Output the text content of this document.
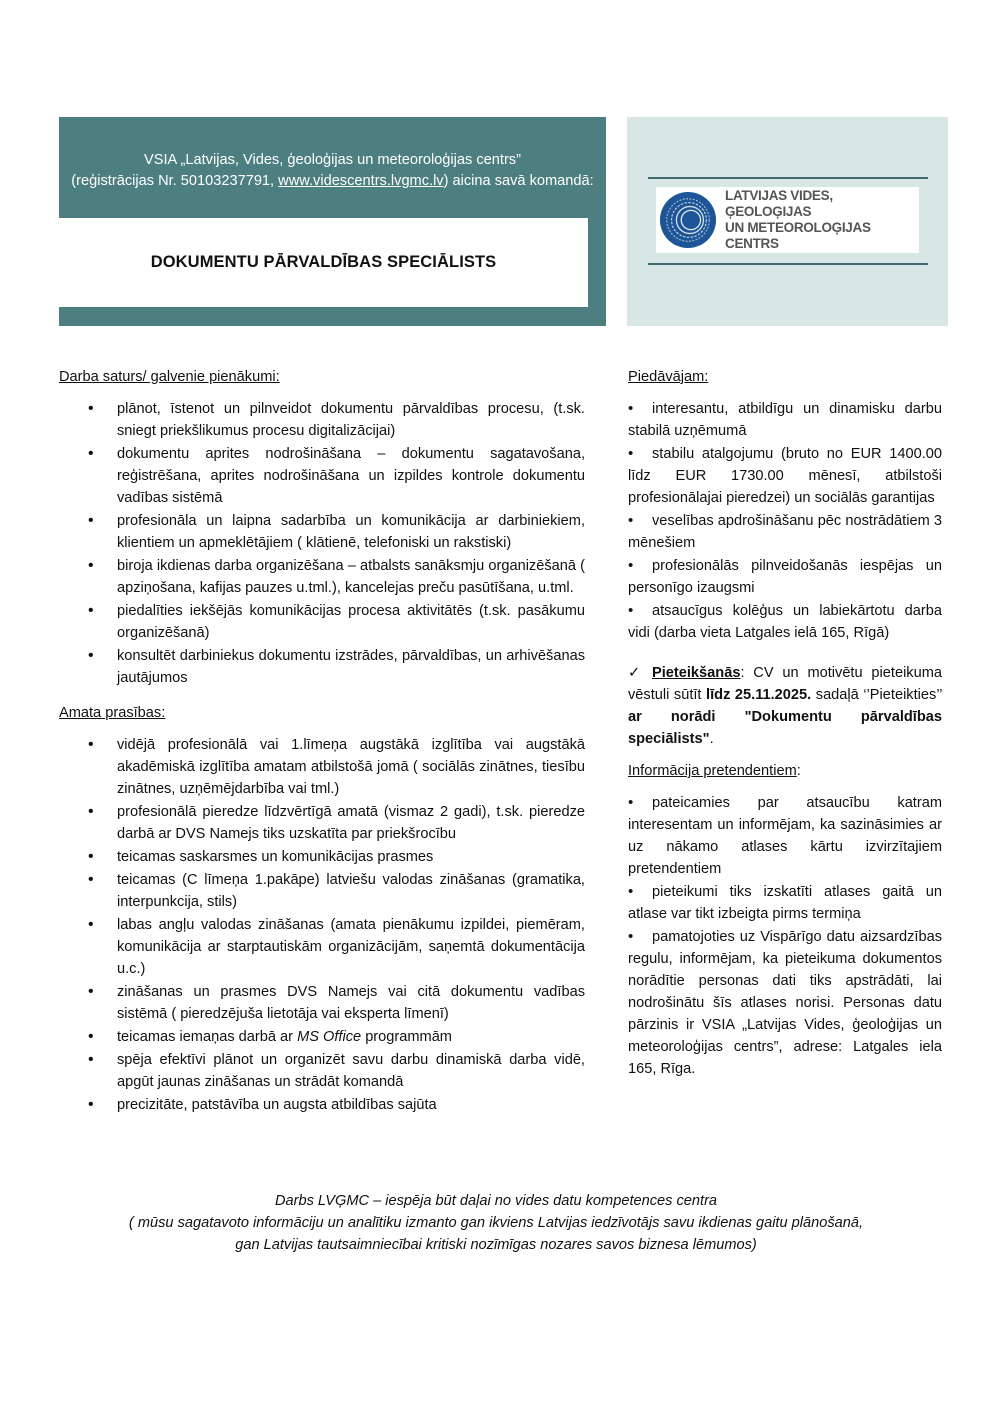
VSIA „Latvijas, Vides, ģeoloģijas un meteoroloģijas centrs”
(reģistrācijas Nr. 50103237791, www.videscentrs.lvgmc.lv) aicina savā komandā:
DOKUMENTU PĀRVALDĪBAS SPECIĀLISTS
LATVIJAS VIDES, ĢEOLOĢIJAS
UN METEOROLOĢIJAS CENTRS

Darba saturs/ galvenie pienākumi:

• plānot, īstenot un pilnveidot dokumentu pārvaldības procesu, (t.sk. sniegt priekšlikumus procesu digitalizācijai)
• dokumentu aprites nodrošināšana – dokumentu sagatavošana, reģistrēšana, aprites nodrošināšana un izpildes kontrole dokumentu vadības sistēmā
• profesionāla un laipna sadarbība un komunikācija ar darbiniekiem, klientiem un apmeklētājiem ( klātienē, telefoniski un rakstiski)
• biroja ikdienas darba organizēšana – atbalsts sanāksmju organizēšanā ( apziņošana, kafijas pauzes u.tml.), kancelejas preču pasūtīšana, u.tml.
• piedalīties iekšējās komunikācijas procesa aktivitātēs (t.sk. pasākumu organizēšanā)
• konsultēt darbiniekus dokumentu izstrādes, pārvaldības, un arhivēšanas jautājumos

Amata prasības:

• vidējā profesionālā vai 1.līmeņa augstākā izglītība vai augstākā akadēmiskā izglītība amatam atbilstošā jomā ( sociālās zinātnes, tiesību zinātnes, uzņēmējdarbība vai tml.)
• profesionālā pieredze līdzvērtīgā amatā (vismaz 2 gadi), t.sk. pieredze darbā ar DVS Namejs tiks uzskatīta par priekšrocību
• teicamas saskarsmes un komunikācijas prasmes
• teicamas (C līmeņa 1.pakāpe) latviešu valodas zināšanas (gramatika, interpunkcija, stils)
• labas angļu valodas zināšanas (amata pienākumu izpildei, piemēram, komunikācija ar starptautiskām organizācijām, saņemtā dokumentācija u.c.)
• zināšanas un prasmes DVS Namejs vai citā dokumentu vadības sistēmā ( pieredzējuša lietotāja vai eksperta līmenī)
• teicamas iemaņas darbā ar MS Office programmām
• spēja efektīvi plānot un organizēt savu darbu dinamiskā darba vidē, apgūt jaunas zināšanas un strādāt komandā
• precizitāte, patstāvība un augsta atbildības sajūta

Piedāvājam:

• interesantu, atbildīgu un dinamisku darbu stabilā uzņēmumā
• stabilu atalgojumu (bruto no EUR 1400.00 līdz EUR 1730.00 mēnesī, atbilstoši profesionālajai pieredzei) un sociālās garantijas
• veselības apdrošināšanu pēc nostrādātiem 3 mēnešiem
• profesionālās pilnveidošanās iespējas un personīgo izaugsmi
• atsaucīgus kolēģus un labiekārtotu darba vidi (darba vieta Latgales ielā 165, Rīgā)
✓ Pieteikšanās: CV un motivētu pieteikuma vēstuli sūtīt līdz 25.11.2025. sadaļā ‘’Pieteikties’’ ar norādi "Dokumentu pārvaldības speciālists".

Informācija pretendentiem:

• pateicamies par atsaucību katram interesentam un informējam, ka sazināsimies ar uz nākamo atlases kārtu izvirzītajiem pretendentiem
• pieteikumi tiks izskatīti atlases gaitā un atlase var tikt izbeigta pirms termiņa
• pamatojoties uz Vispārīgo datu aizsardzības regulu, informējam, ka pieteikuma dokumentos norādītie personas dati tiks apstrādāti, lai nodrošinātu šīs atlases norisi. Personas datu pārzinis ir VSIA „Latvijas Vides, ģeoloģijas un meteoroloģijas centrs”, adrese: Latgales iela 165, Rīga.
Darbs LVĢMC – iespēja būt daļai no vides datu kompetences centra
( mūsu sagatavoto informāciju un analītiku izmanto gan ikviens Latvijas iedzīvotājs savu ikdienas gaitu plānošanā,
gan Latvijas tautsaimniecībai kritiski nozīmīgas nozares savos biznesa lēmumos)
